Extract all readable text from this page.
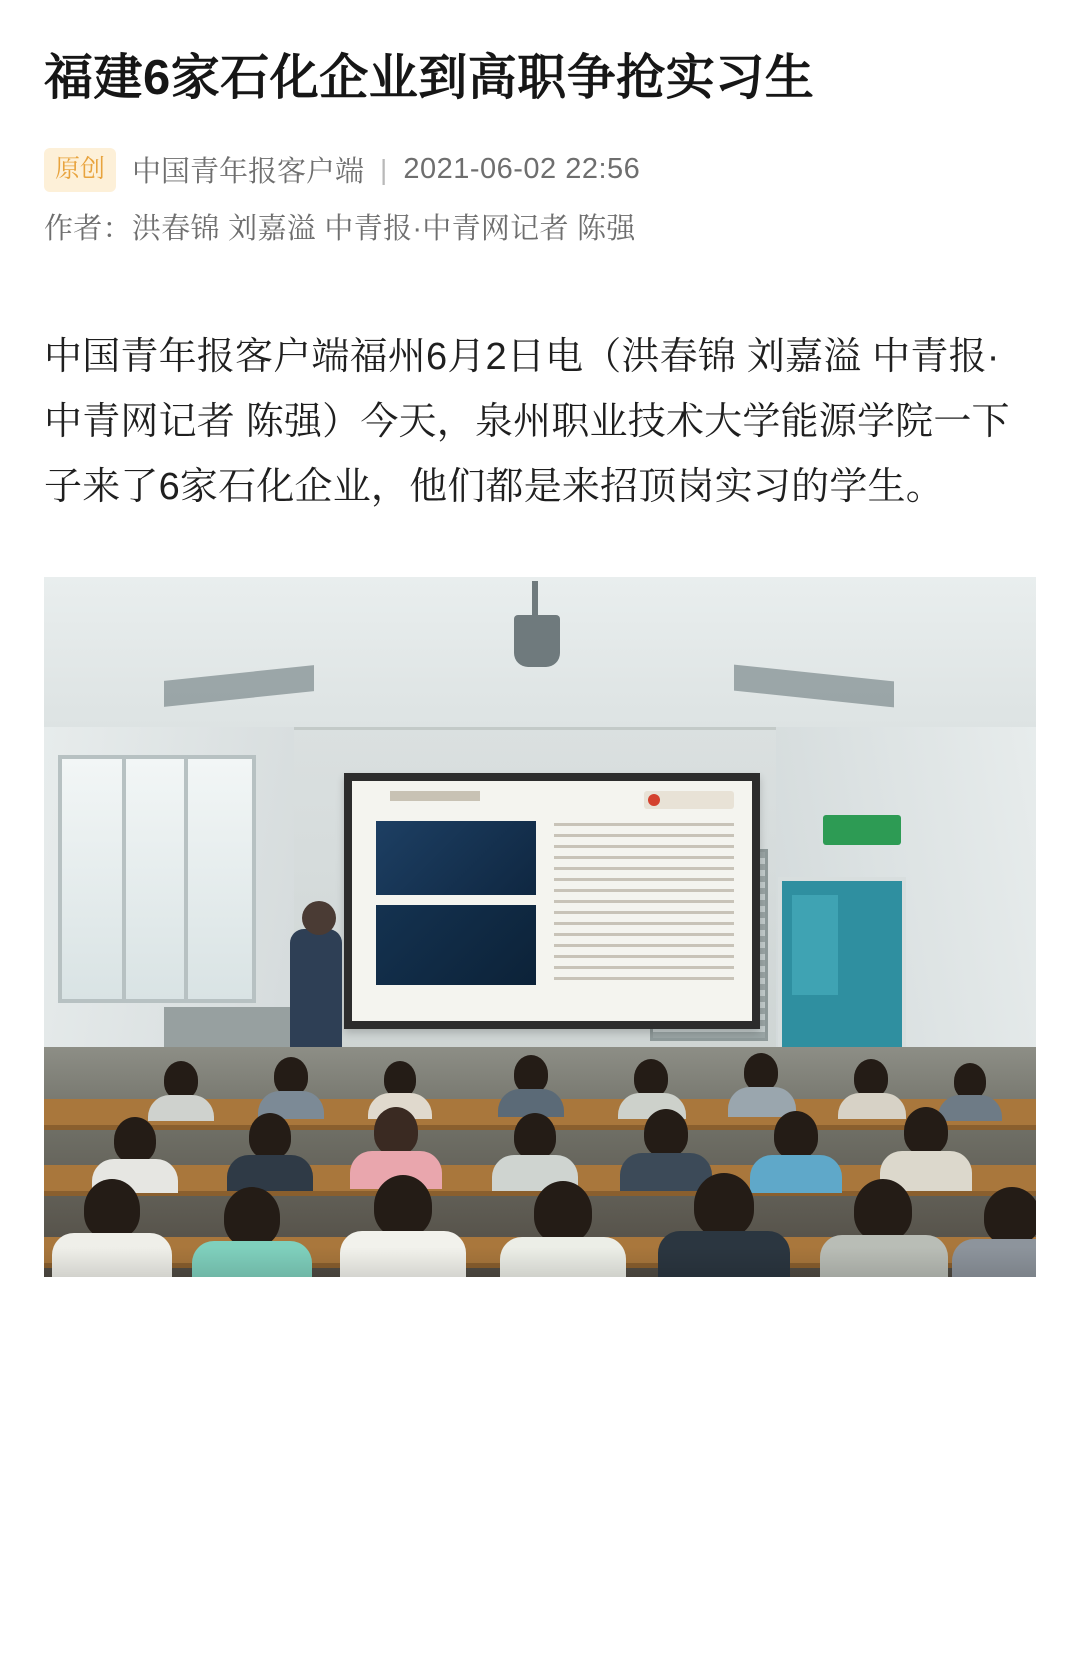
福建6家石化企业到高职争抢实习生
原创 中国青年报客户端 | 2021-06-02 22:56
作者：洪春锦 刘嘉溢 中青报·中青网记者 陈强

中国青年报客户端福州6月2日电（洪春锦 刘嘉溢 中青报·中青网记者 陈强）今天，泉州职业技术大学能源学院一下子来了6家石化企业，他们都是来招顶岗实习的学生。
